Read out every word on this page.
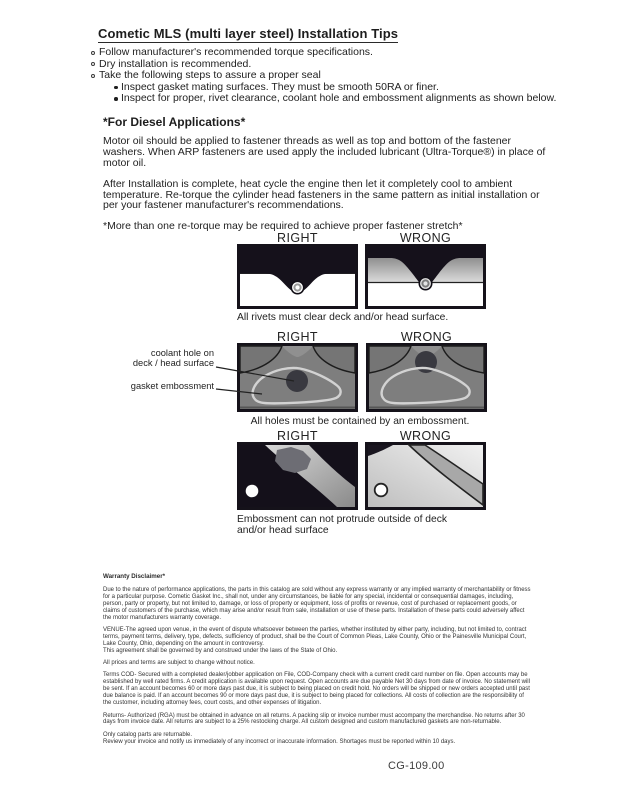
Cometic MLS (multi layer steel) Installation Tips
Follow manufacturer's recommended torque specifications.
Dry installation is recommended.
Take the following steps to assure a proper seal
Inspect gasket mating surfaces. They must be smooth 50RA or finer.
Inspect for proper, rivet clearance, coolant hole and embossment alignments as shown below.
*For Diesel Applications*

Motor oil should be applied to fastener threads as well as top and bottom of the fastener washers. When ARP fasteners are used apply the included lubricant (Ultra-Torque®) in place of motor oil.

After Installation is complete, heat cycle the engine then let it completely cool to ambient temperature. Re-torque the cylinder head fasteners in the same pattern as initial installation or per your fastener manufacturer's recommendations.

*More than one re-torque may be required to achieve proper fastener stretch*

RIGHT	WRONG
All rivets must clear deck and/or head surface.
RIGHT	WRONG
coolant hole on
deck / head surface
gasket embossment
All holes must be contained by an embossment.
RIGHT	WRONG
Embossment can not protrude outside of deck
and/or head surface
Warranty Disclaimer*

Due to the nature of performance applications, the parts in this catalog are sold without any express warranty or any implied warranty of merchantability or fitness for a particular purpose. Cometic Gasket Inc., shall not, under any circumstances, be liable for any special, incidental or consequential damages, including, person, party or property, but not limited to, damage, or loss of property or equipment, loss of profits or revenue, cost of purchased or replacement goods, or claims of customers of the purchase, which may arise and/or result from sale, installation or use of these parts. Installation of these parts could adversely affect the motor manufacturers warranty coverage.

VENUE-The agreed upon venue, in the event of dispute whatsoever between the parties, whether instituted by either party, including, but not limited to, contract terms, payment terms, delivery, type, defects, sufficiency of product, shall be the Court of Common Pleas, Lake County, Ohio or the Painesville Municipal Court, Lake County, Ohio, depending on the amount in controversy.
This agreement shall be governed by and construed under the laws of the State of Ohio.

All prices and terms are subject to change without notice.

Terms COD- Secured with a completed dealer/jobber application on File, COD-Company check with a current credit card number on file. Open accounts may be established by well rated firms. A credit application is available upon request. Open accounts are due payable Net 30 days from date of invoice. No statement will be sent. If an account becomes 60 or more days past due, it is subject to being placed on credit hold. No orders will be shipped or new orders accepted until past due balance is paid. If an account becomes 90 or more days past due, it is subject to being placed for collections. All costs of collection are the responsibility of the customer, including attorney fees, court costs, and other expenses of litigation.

Returns- Authorized (RGA) must be obtained in advance on all returns. A packing slip or invoice number must accompany the merchandise. No returns after 30 days from invoice date. All returns are subject to a 25% restocking charge. All custom designed and custom manufactured gaskets are non-returnable.

Only catalog parts are returnable.
Review your invoice and notify us immediately of any incorrect or inaccurate information. Shortages must be reported within 10 days.

CG-109.00
